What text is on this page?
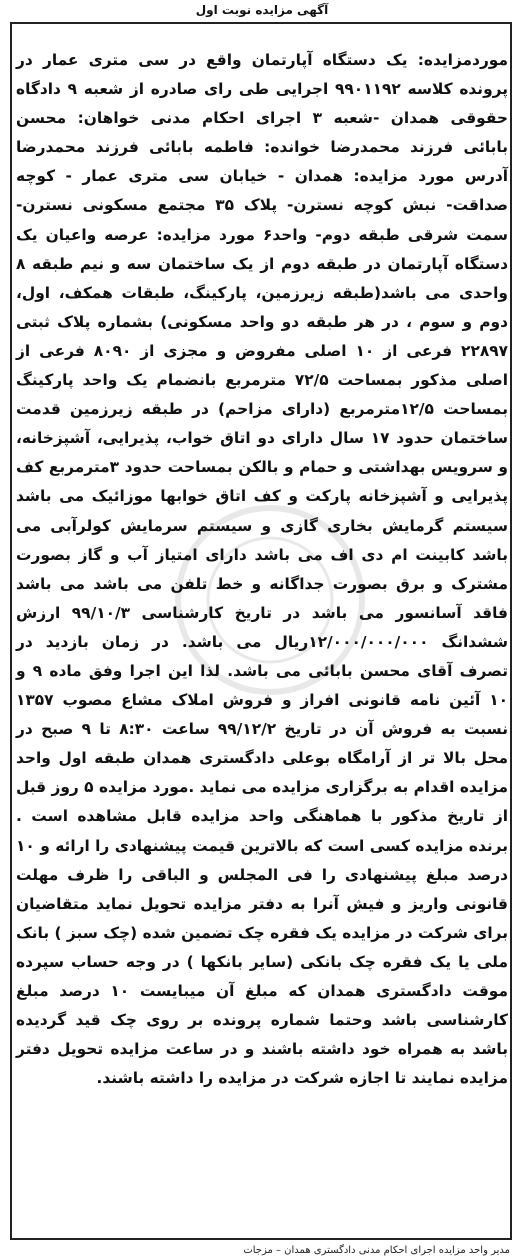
آگهی مزایده نوبت اول

موردمزایده: یک دستگاه آپارتمان واقع در سی متری عمار در پرونده کلاسه ۹۹۰۱۱۹۲ اجرایی طی رای صادره از شعبه ۹ دادگاه حقوقی همدان -شعبه ۳ اجرای احکام مدنی خواهان: محسن بابائی فرزند محمدرضا خوانده: فاطمه بابائی فرزند محمدرضا آدرس مورد مزایده: همدان - خیابان سی متری عمار - کوچه صداقت- نبش کوچه نسترن- پلاک ۳۵ مجتمع مسکونی نسترن-سمت شرقی طبقه دوم- واحد۶ مورد مزایده: عرصه واعیان یک دستگاه آپارتمان در طبقه دوم از یک ساختمان سه و نیم طبقه ۸ واحدی می باشد(طبقه زیرزمین، پارکینگ، طبقات همکف، اول، دوم و سوم ، در هر طبقه دو واحد مسکونی) بشماره پلاک ثبتی ۲۲۸۹۷ فرعی از ۱۰ اصلی مفروض و مجزی از ۸۰۹۰ فرعی از اصلی مذکور بمساحت ۷۲/۵ مترمربع بانضمام یک واحد پارکینگ بمساحت ۱۲/۵مترمربع (دارای مزاحم) در طبقه زیرزمین قدمت ساختمان حدود ۱۷ سال دارای دو اتاق خواب، پذیرایی، آشپزخانه، و سرویس بهداشتی و حمام و بالکن بمساحت حدود ۳مترمربع کف پذیرایی و آشپزخانه پارکت و کف اتاق خوابها موزائیک می باشد سیستم گرمایش بخاری گازی و سیستم سرمایش کولرآبی می باشد کابینت ام دی اف می باشد دارای امتیاز آب و گاز بصورت مشترک و برق بصورت جداگانه و خط تلفن می باشد می باشد فاقد آسانسور می باشد در تاریخ کارشناسی ۹۹/۱۰/۳ ارزش ششدانگ ۱۲/۰۰۰/۰۰۰/۰۰۰ریال می باشد. در زمان بازدید در تصرف آقای محسن بابائی می باشد. لذا این اجرا وفق ماده ۹ و ۱۰ آئین نامه قانونی افراز و فروش املاک مشاع مصوب ۱۳۵۷ نسبت به فروش آن در تاریخ ۹۹/۱۲/۲ ساعت ۸:۳۰ تا ۹ صبح در محل بالا تر از آرامگاه بوعلی دادگستری همدان طبقه اول واحد مزایده اقدام به برگزاری مزایده می نماید .مورد مزایده ۵ روز قبل از تاریخ مذکور با هماهنگی واحد مزایده قابل مشاهده است . برنده مزایده کسی است که بالاترین قیمت پیشنهادی را ارائه و ۱۰ درصد مبلغ پیشنهادی را فی المجلس و الباقی را ظرف مهلت قانونی واریز و فیش آنرا به دفتر مزایده تحویل نماید متقاضیان برای شرکت در مزایده یک فقره چک تضمین شده (چک سبز ) بانک ملی یا یک فقره چک بانکی (سایر بانکها ) در وجه حساب سپرده موقت دادگستری همدان که مبلغ آن میبایست ۱۰ درصد مبلغ کارشناسی باشد وحتما شماره پرونده بر روی چک قید گردیده باشد به همراه خود داشته باشند و در ساعت مزایده تحویل دفتر مزایده نمایند تا اجازه شرکت در مزایده را داشته باشند.

مدیر واحد مزایده اجرای احکام مدنی دادگستری همدان – مزجات
